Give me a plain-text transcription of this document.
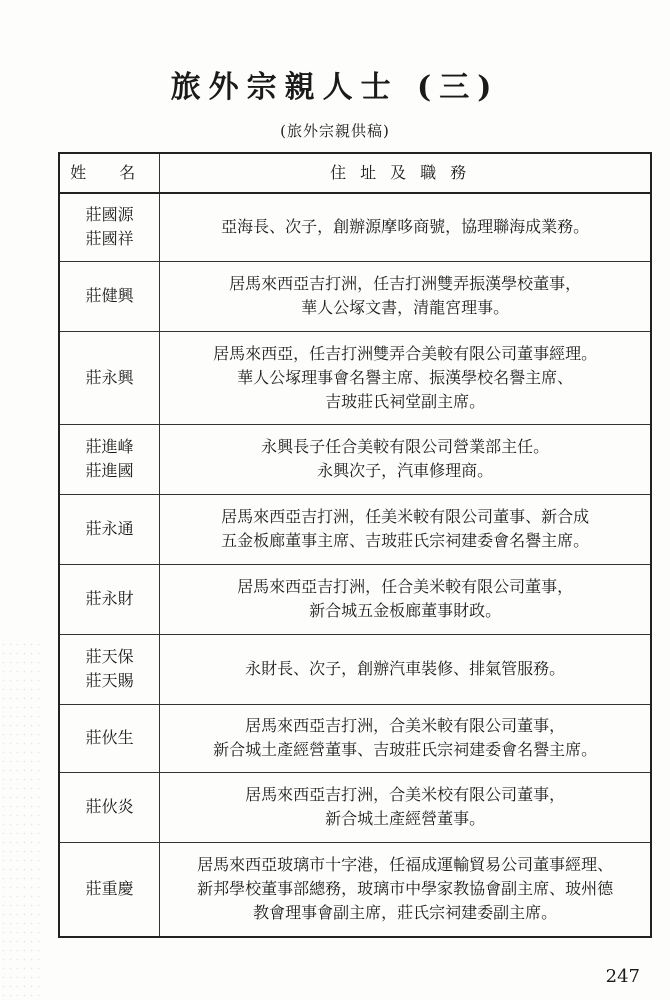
旅外宗親人士 (三)
(旅外宗親供稿)
姓 名	住址及職務

莊國源
莊國祥	亞海長、次子，創辦源摩哆商號，協理聯海成業務。

莊健興	居馬來西亞吉打洲，任吉打洲雙弄振漢學校董事，
華人公塚文書，清龍宮理事。

莊永興	居馬來西亞，任吉打洲雙弄合美較有限公司董事經理。
華人公塚理事會名譽主席、振漢學校名譽主席、
吉玻莊氏祠堂副主席。

莊進峰
莊進國	永興長子任合美較有限公司營業部主任。
永興次子，汽車修理商。

莊永通	居馬來西亞吉打洲，任美米較有限公司董事、新合成
五金板廊董事主席、吉玻莊氏宗祠建委會名譽主席。

莊永財	居馬來西亞吉打洲，任合美米較有限公司董事，
新合城五金板廊董事財政。

莊天保
莊天賜	永財長、次子，創辦汽車裝修、排氣管服務。

莊伙生	居馬來西亞吉打洲，合美米較有限公司董事，
新合城土產經營董事、吉玻莊氏宗祠建委會名譽主席。

莊伙炎	居馬來西亞吉打洲，合美米校有限公司董事，
新合城土產經營董事。

莊重慶	居馬來西亞玻璃市十字港，任福成運輸貿易公司董事經理、
新邦學校董事部總務，玻璃市中學家教協會副主席、玻州德
教會理事會副主席，莊氏宗祠建委副主席。
247
